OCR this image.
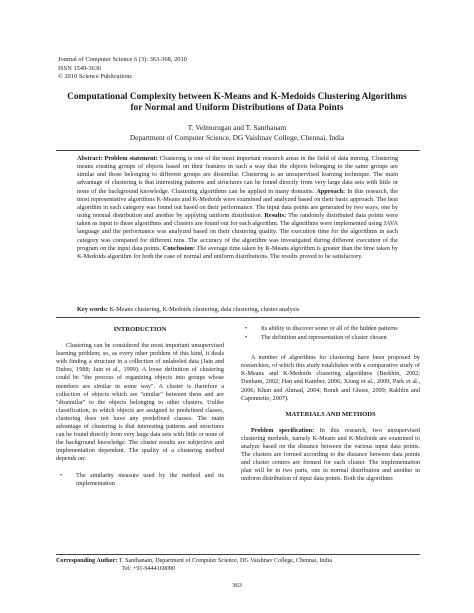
Journal of Computer Science 6 (3): 363-368, 2010
ISSN 1549-3636
© 2010 Science Publications
Computational Complexity between K-Means and K-Medoids Clustering Algorithms
for Normal and Uniform Distributions of Data Points
T. Velmurugan and T. Santhanam
Department of Computer Science, DG Vaishnav College, Chennai, India
Abstract: Problem statement: Clustering is one of the most important research areas in the field of data mining. Clustering means creating groups of objects based on their features in such a way that the objects belonging to the same groups are similar and those belonging to different groups are dissimilar. Clustering is an unsupervised learning technique. The main advantage of clustering is that interesting patterns and structures can be found directly from very large data sets with little or none of the background knowledge. Clustering algorithms can be applied in many domains. Approach: In this research, the most representative algorithms K-Means and K-Medoids were examined and analyzed based on their basic approach. The best algorithm in each category was found out based on their performance. The input data points are generated by two ways, one by using normal distribution and another by applying uniform distribution. Results: The randomly distributed data points were taken as input to these algorithms and clusters are found out for each algorithm. The algorithms were implemented using JAVA language and the performance was analyzed based on their clustering quality. The execution time for the algorithms in each category was compared for different runs. The accuracy of the algorithm was investigated during different execution of the program on the input data points. Conclusion: The average time taken by K-Means algorithm is greater than the time taken by K-Medoids algorithm for both the case of normal and uniform distributions. The results proved to be satisfactory.
Key words: K-Means clustering, K-Medoids clustering, data clustering, cluster analysis
INTRODUCTION

Clustering can be considered the most important unsupervised learning problem; so, as every other problem of this kind, it deals with finding a structure in a collection of unlabeled data (Jain and Dubes, 1988; Jain et al., 1999). A loose definition of clustering could be "the process of organizing objects into groups whose members are similar in some way". A cluster is therefore a collection of objects which are "similar" between them and are "dissimilar" to the objects belonging to other clusters. Unlike classification, in which objects are assigned to predefined classes, clustering does not have any predefined classes. The main advantage of clustering is that interesting patterns and structures can be found directly from very large data sets with little or none of the background knowledge. The cluster results are subjective and implementation dependent. The quality of a clustering method depends on:

• The similarity measure used by the method and its implementation
• Its ability to discover some or all of the hidden patterns
• The definition and representation of cluster chosen

A number of algorithms for clustering have been proposed by researchers, of which this study establishes with a comparative study of K-Means and K-Medoids clustering algorithms (Berkhin, 2002; Dunham, 2002; Han and Kamber, 2006; Xiong et al., 2009; Park et al., 2006; Khan and Ahmad, 2004; Borah and Ghose, 2009; Rakhlin and Caponnetto, 2007).

MATERIALS AND METHODS

Problem specification: In this research, two unsupervised clustering methods, namely K-Means and K-Medoids are examined to analyze based on the distance between the various input data points. The clusters are formed according to the distance between data points and cluster centers are formed for each cluster. The implementation plan will be in two parts, one in normal distribution and another in uniform distribution of input data points. Both the algorithms

Corresponding Author: T. Santhanam, Department of Computer Science, DG Vaishnav College, Chennai, India
Tel: +91-9444169090
363
